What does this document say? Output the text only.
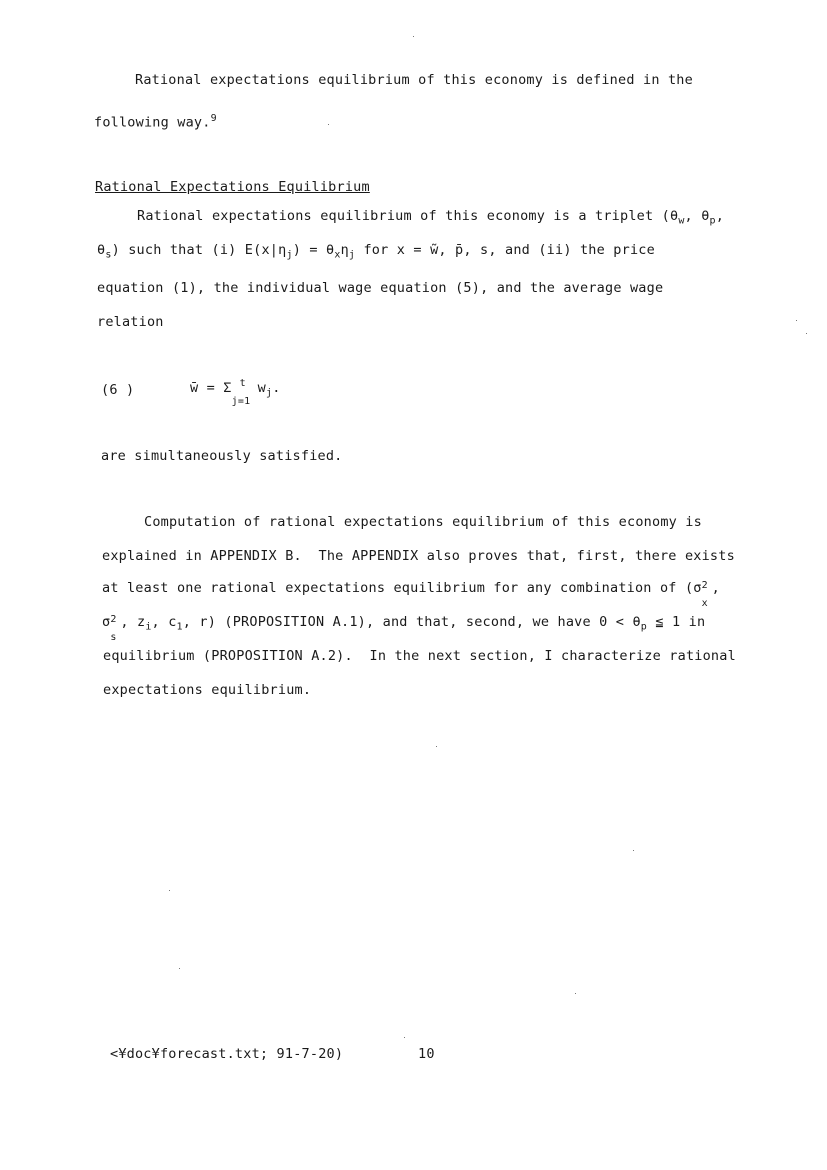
Rational expectations equilibrium of this economy is defined in the
following way.$^9$
Rational Expectations Equilibrium
Rational expectations equilibrium of this economy is a triplet ($\theta_w$, $\theta_p$,
$\theta_s$) such that (i) $E(x|\eta_j) = \theta_x\eta_j$ for x = w̃, p̄, s, and (ii) the price
equation (1), the individual wage equation (5), and the average wage
relation
(6 )	w̄ = Σ t
j=1
$w_j$.
are simultaneously satisfied.
Computation of rational expectations equilibrium of this economy is
explained in APPENDIX B.  The APPENDIX also proves that, first, there exists
at least one rational expectations equilibrium for any combination of (σ 2
x
,
σ 2
s
, $z_i$, $c_1$, r) (PROPOSITION A.1), and that, second, we have $0 < \theta_p$ ≦ 1 in
equilibrium (PROPOSITION A.2).  In the next section, I characterize rational
expectations equilibrium.
<¥doc¥forecast.txt; 91-7-20)	10
